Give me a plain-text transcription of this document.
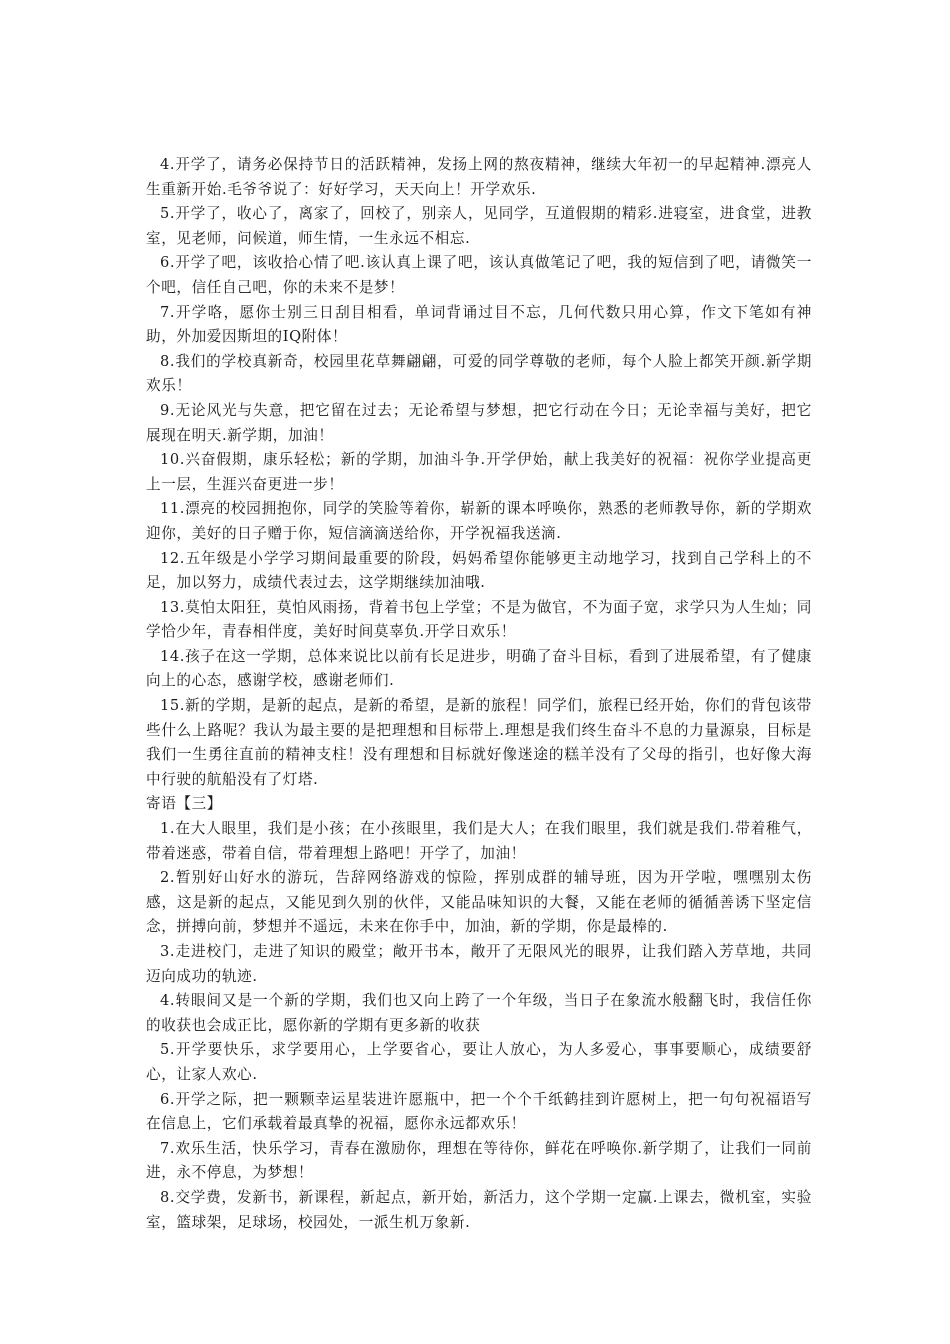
4.开学了，请务必保持节日的活跃精神，发扬上网的熬夜精神，继续大年初一的早起精神.漂亮人生重新开始.毛爷爷说了：好好学习，天天向上！开学欢乐.

5.开学了，收心了，离家了，回校了，别亲人，见同学，互道假期的精彩.进寝室，进食堂，进教室，见老师，问候道，师生情，一生永远不相忘.

6.开学了吧，该收拾心情了吧.该认真上课了吧，该认真做笔记了吧，我的短信到了吧，请微笑一个吧，信任自己吧，你的未来不是梦！

7.开学咯，愿你士别三日刮目相看，单词背诵过目不忘，几何代数只用心算，作文下笔如有神助，外加爱因斯坦的IQ附体！

8.我们的学校真新奇，校园里花草舞翩翩，可爱的同学尊敬的老师，每个人脸上都笑开颜.新学期欢乐！

9.无论风光与失意，把它留在过去；无论希望与梦想，把它行动在今日；无论幸福与美好，把它展现在明天.新学期，加油！

10.兴奋假期，康乐轻松；新的学期，加油斗争.开学伊始，献上我美好的祝福：祝你学业提高更上一层，生涯兴奋更进一步！

11.漂亮的校园拥抱你，同学的笑脸等着你，崭新的课本呼唤你，熟悉的老师教导你，新的学期欢迎你，美好的日子赠于你，短信滴滴送给你，开学祝福我送滴.

12.五年级是小学学习期间最重要的阶段，妈妈希望你能够更主动地学习，找到自己学科上的不足，加以努力，成绩代表过去，这学期继续加油哦.

13.莫怕太阳狂，莫怕风雨扬，背着书包上学堂；不是为做官，不为面子宽，求学只为人生灿；同学恰少年，青春相伴度，美好时间莫辜负.开学日欢乐！

14.孩子在这一学期，总体来说比以前有长足进步，明确了奋斗目标，看到了进展希望，有了健康向上的心态，感谢学校，感谢老师们.

15.新的学期，是新的起点，是新的希望，是新的旅程！同学们，旅程已经开始，你们的背包该带些什么上路呢？我认为最主要的是把理想和目标带上.理想是我们终生奋斗不息的力量源泉，目标是我们一生勇往直前的精神支柱！没有理想和目标就好像迷途的糕羊没有了父母的指引，也好像大海中行驶的航船没有了灯塔.

寄语【三】

1.在大人眼里，我们是小孩；在小孩眼里，我们是大人；在我们眼里，我们就是我们.带着稚气，带着迷惑，带着自信，带着理想上路吧！开学了，加油！

2.暂别好山好水的游玩，告辞网络游戏的惊险，挥别成群的辅导班，因为开学啦，嘿嘿别太伤感，这是新的起点，又能见到久别的伙伴，又能品味知识的大餐，又能在老师的循循善诱下坚定信念，拼搏向前，梦想并不遥远，未来在你手中，加油，新的学期，你是最棒的.

3.走进校门，走进了知识的殿堂；敞开书本，敞开了无限风光的眼界，让我们踏入芳草地，共同迈向成功的轨迹.

4.转眼间又是一个新的学期，我们也又向上跨了一个年级，当日子在象流水般翻飞时，我信任你的收获也会成正比，愿你新的学期有更多新的收获

5.开学要快乐，求学要用心，上学要省心，要让人放心，为人多爱心，事事要顺心，成绩要舒心，让家人欢心.

6.开学之际，把一颗颗幸运星装进许愿瓶中，把一个个千纸鹤挂到许愿树上，把一句句祝福语写在信息上，它们承载着最真挚的祝福，愿你永远都欢乐！

7.欢乐生活，快乐学习，青春在激励你，理想在等待你，鲜花在呼唤你.新学期了，让我们一同前进，永不停息，为梦想！

8.交学费，发新书，新课程，新起点，新开始，新活力，这个学期一定赢.上课去，微机室，实验室，篮球架，足球场，校园处，一派生机万象新.
